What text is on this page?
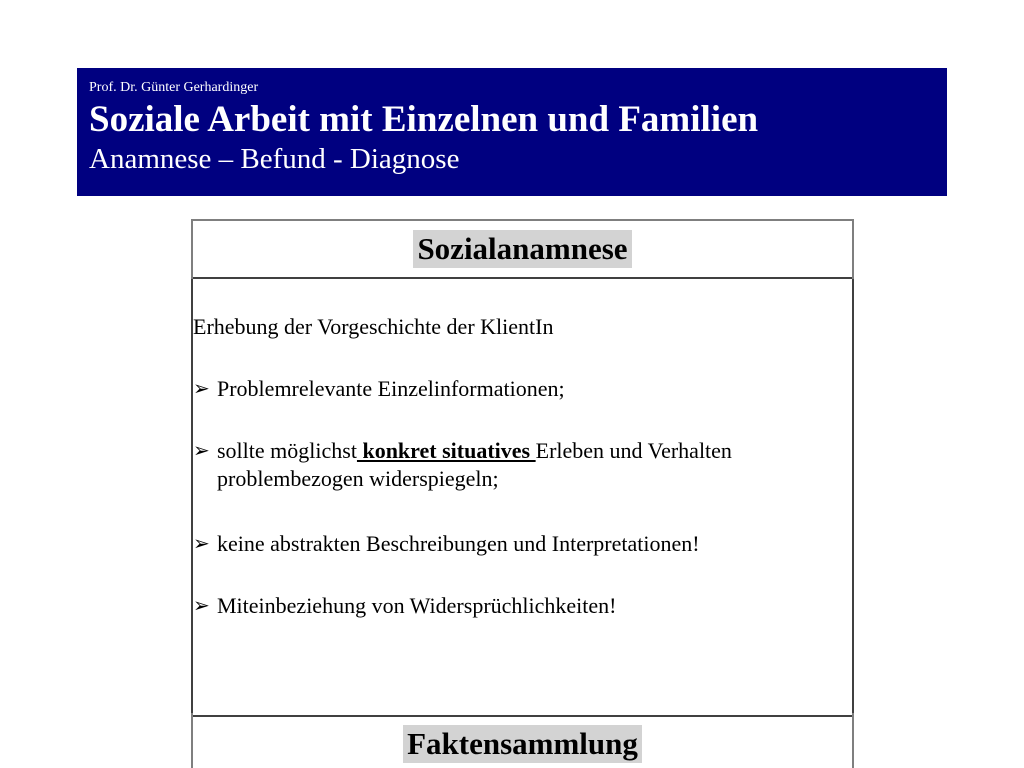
Prof. Dr. Günter Gerhardinger

Soziale Arbeit mit Einzelnen und Familien

Anamnese – Befund - Diagnose

Sozialanamnese
Erhebung der Vorgeschichte der KlientIn
➢ Problemrelevante Einzelinformationen;
➢ sollte möglichst konkret situatives Erleben und Verhalten problembezogen widerspiegeln;
➢ keine abstrakten Beschreibungen und Interpretationen!
➢ Miteinbeziehung von Widersprüchlichkeiten!
Faktensammlung
